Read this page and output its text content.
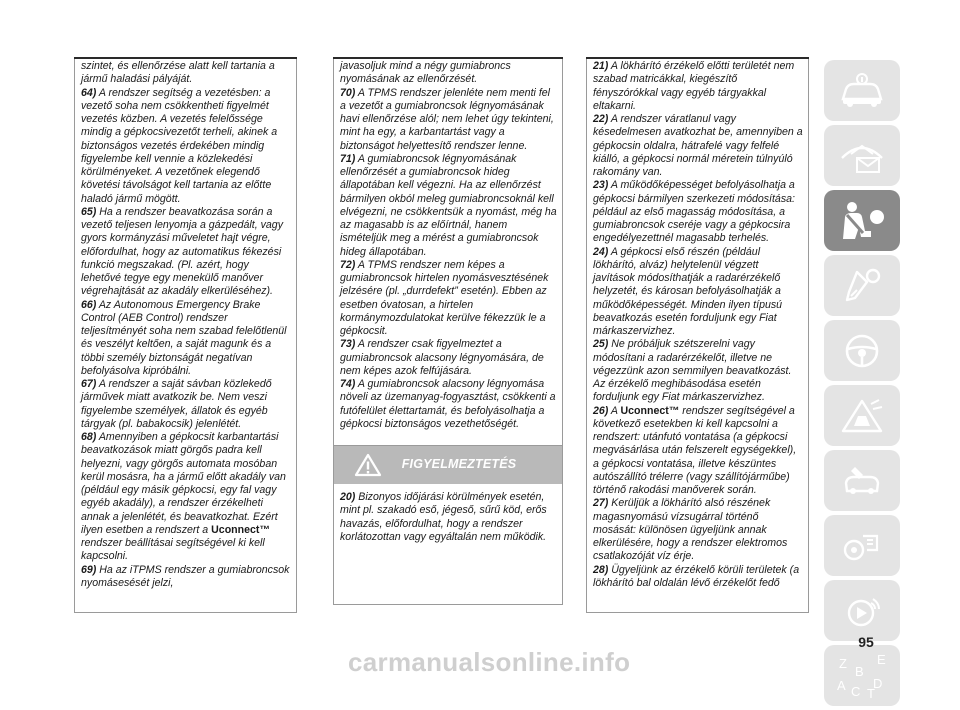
szintet, és ellenőrzése alatt kell tartania a jármű haladási pályáját.

64) A rendszer segítség a vezetésben: a vezető soha nem csökkentheti figyelmét vezetés közben. A vezetés felelőssége mindig a gépkocsivezetőt terheli, akinek a biztonságos vezetés érdekében mindig figyelembe kell vennie a közlekedési körülményeket. A vezetőnek elegendő követési távolságot kell tartania az előtte haladó jármű mögött.

65) Ha a rendszer beavatkozása során a vezető teljesen lenyomja a gázpedált, vagy gyors kormányzási műveletet hajt végre, előfordulhat, hogy az automatikus fékezési funkció megszakad. (Pl. azért, hogy lehetővé tegye egy menekülő manőver végrehajtását az akadály elkerüléséhez).

66) Az Autonomous Emergency Brake Control (AEB Control) rendszer teljesítményét soha nem szabad felelőtlenül és veszélyt keltően, a saját magunk és a többi személy biztonságát negatívan befolyásolva kipróbálni.

67) A rendszer a saját sávban közlekedő járművek miatt avatkozik be. Nem veszi figyelembe személyek, állatok és egyéb tárgyak (pl. babakocsik) jelenlétét.

68) Amennyiben a gépkocsit karbantartási beavatkozások miatt görgős padra kell helyezni, vagy görgős automata mosóban kerül mosásra, ha a jármű előtt akadály van (például egy másik gépkocsi, egy fal vagy egyéb akadály), a rendszer érzékelheti annak a jelenlétét, és beavatkozhat. Ezért ilyen esetben a rendszert a Uconnect™ rendszer beállításai segítségével ki kell kapcsolni.

69) Ha az iTPMS rendszer a gumiabroncsok nyomásesését jelzi,

javasoljuk mind a négy gumiabroncs nyomásának az ellenőrzését.

70) A TPMS rendszer jelenléte nem menti fel a vezetőt a gumiabroncsok légnyomásának havi ellenőrzése alól; nem lehet úgy tekinteni, mint ha egy, a karbantartást vagy a biztonságot helyettesítő rendszer lenne.

71) A gumiabroncsok légnyomásának ellenőrzését a gumiabroncsok hideg állapotában kell végezni. Ha az ellenőrzést bármilyen okból meleg gumiabroncsoknál kell elvégezni, ne csökkentsük a nyomást, még ha az magasabb is az előírtnál, hanem ismételjük meg a mérést a gumiabroncsok hideg állapotában.

72) A TPMS rendszer nem képes a gumiabroncsok hirtelen nyomásvesztésének jelzésére (pl. „durrdefekt” esetén). Ebben az esetben óvatosan, a hirtelen kormánymozdulatokat kerülve fékezzük le a gépkocsit.

73) A rendszer csak figyelmeztet a gumiabroncsok alacsony légnyomására, de nem képes azok felfújására.

74) A gumiabroncsok alacsony légnyomása növeli az üzemanyag-fogyasztást, csökkenti a futófelület élettartamát, és befolyásolhatja a gépkocsi biztonságos vezethetőségét.

FIGYELMEZTETÉS

20) Bizonyos időjárási körülmények esetén, mint pl. szakadó eső, jégeső, sűrű köd, erős havazás, előfordulhat, hogy a rendszer korlátozottan vagy egyáltalán nem működik.

21) A lökhárító érzékelő előtti területét nem szabad matricákkal, kiegészítő fényszórókkal vagy egyéb tárgyakkal eltakarni.

22) A rendszer váratlanul vagy késedelmesen avatkozhat be, amennyiben a gépkocsin oldalra, hátrafelé vagy felfelé kiálló, a gépkocsi normál méretein túlnyúló rakomány van.

23) A működőképességet befolyásolhatja a gépkocsi bármilyen szerkezeti módosítása: például az első magasság módosítása, a gumiabroncsok cseréje vagy a gépkocsira engedélyezettnél magasabb terhelés.

24) A gépkocsi első részén (például lökhárító, alváz) helytelenül végzett javítások módosíthatják a radarérzékelő helyzetét, és károsan befolyásolhatják a működőképességét. Minden ilyen típusú beavatkozás esetén forduljunk egy Fiat márkaszervizhez.

25) Ne próbáljuk szétszerelni vagy módosítani a radarérzékelőt, illetve ne végezzünk azon semmilyen beavatkozást. Az érzékelő meghibásodása esetén forduljunk egy Fiat márkaszervizhez.

26) A Uconnect™ rendszer segítségével a következő esetekben ki kell kapcsolni a rendszert: utánfutó vontatása (a gépkocsi megvásárlása után felszerelt egységekkel), a gépkocsi vontatása, illetve készüntes autószállító trélerre (vagy szállítójárműbe) történő rakodási manőverek során.

27) Kerüljük a lökhárító alsó részének magasnyomású vízsugárral történő mosását: különösen ügyeljünk annak elkerülésére, hogy a rendszer elektromos csatlakozóját víz érje.

28) Ügyeljünk az érzékelő körüli területek (a lökhárító bal oldalán lévő érzékelőt fedő

Z E
B
C
D
T
A
95
carmanualsonline.info
